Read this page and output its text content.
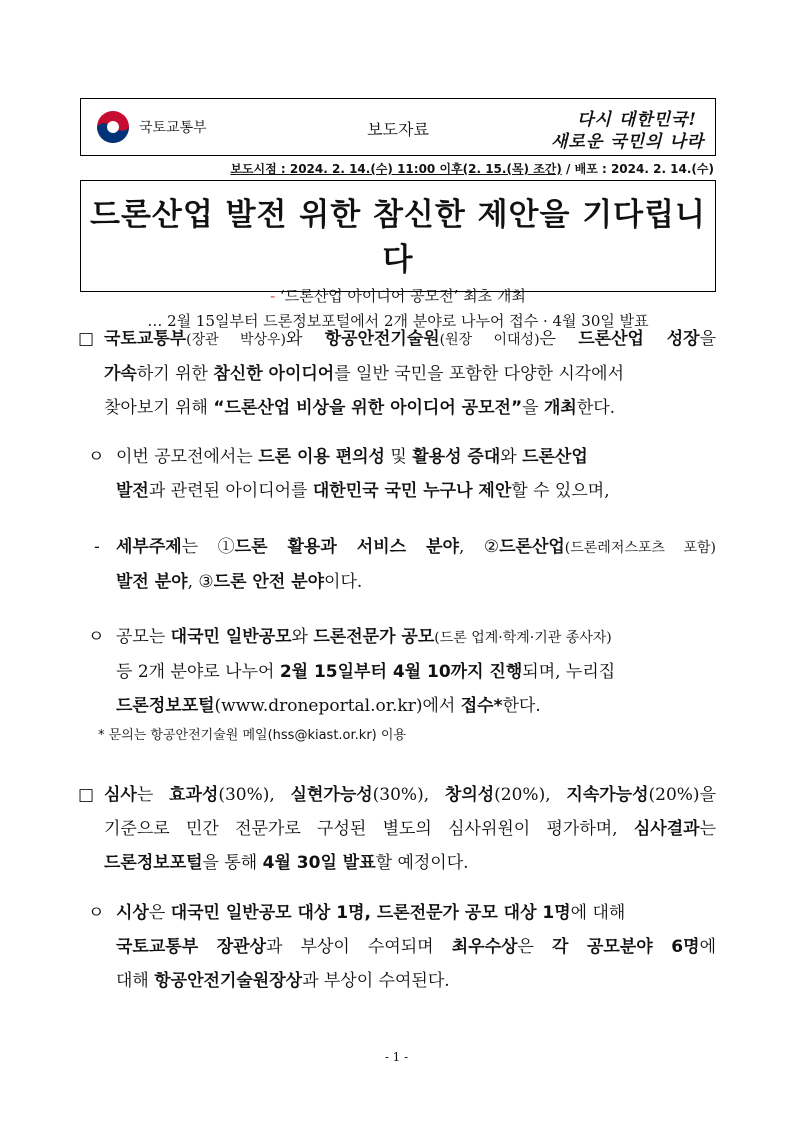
국토교통부	보도자료	다시 대한민국!
새로운 국민의 나라
보도시점 : 2024. 2. 14.(수) 11:00 이후(2. 15.(목) 조간) / 배포 : 2024. 2. 14.(수)
드론산업 발전 위한 참신한 제안을 기다립니다
- ‘드론산업 아이디어 공모전’ 최초 개최
… 2월 15일부터 드론정보포털에서 2개 분야로 나누어 접수 · 4월 30일 발표
□ 국토교통부(장관 박상우)와 항공안전기술원(원장 이대성)은 드론산업 성장을
가속하기 위한 참신한 아이디어를 일반 국민을 포함한 다양한 시각에서
찾아보기 위해 “드론산업 비상을 위한 아이디어 공모전”을 개최한다.
ㅇ 이번 공모전에서는 드론 이용 편의성 및 활용성 증대와 드론산업
발전과 관련된 아이디어를 대한민국 국민 누구나 제안할 수 있으며,
- 세부주제는 ①드론 활용과 서비스 분야, ②드론산업(드론레저스포츠 포함)
발전 분야, ③드론 안전 분야이다.
ㅇ 공모는 대국민 일반공모와 드론전문가 공모(드론 업계·학계·기관 종사자)
등 2개 분야로 나누어 2월 15일부터 4월 10까지 진행되며, 누리집
드론정보포털(www.droneportal.or.kr)에서 접수*한다.
* 문의는 항공안전기술원 메일(hss@kiast.or.kr) 이용
□ 심사는 효과성(30%), 실현가능성(30%), 창의성(20%), 지속가능성(20%)을
기준으로 민간 전문가로 구성된 별도의 심사위원이 평가하며, 심사결과는
드론정보포털을 통해 4월 30일 발표할 예정이다.
ㅇ 시상은 대국민 일반공모 대상 1명, 드론전문가 공모 대상 1명에 대해
국토교통부 장관상과 부상이 수여되며 최우수상은 각 공모분야 6명에
대해 항공안전기술원장상과 부상이 수여된다.
- 1 -
